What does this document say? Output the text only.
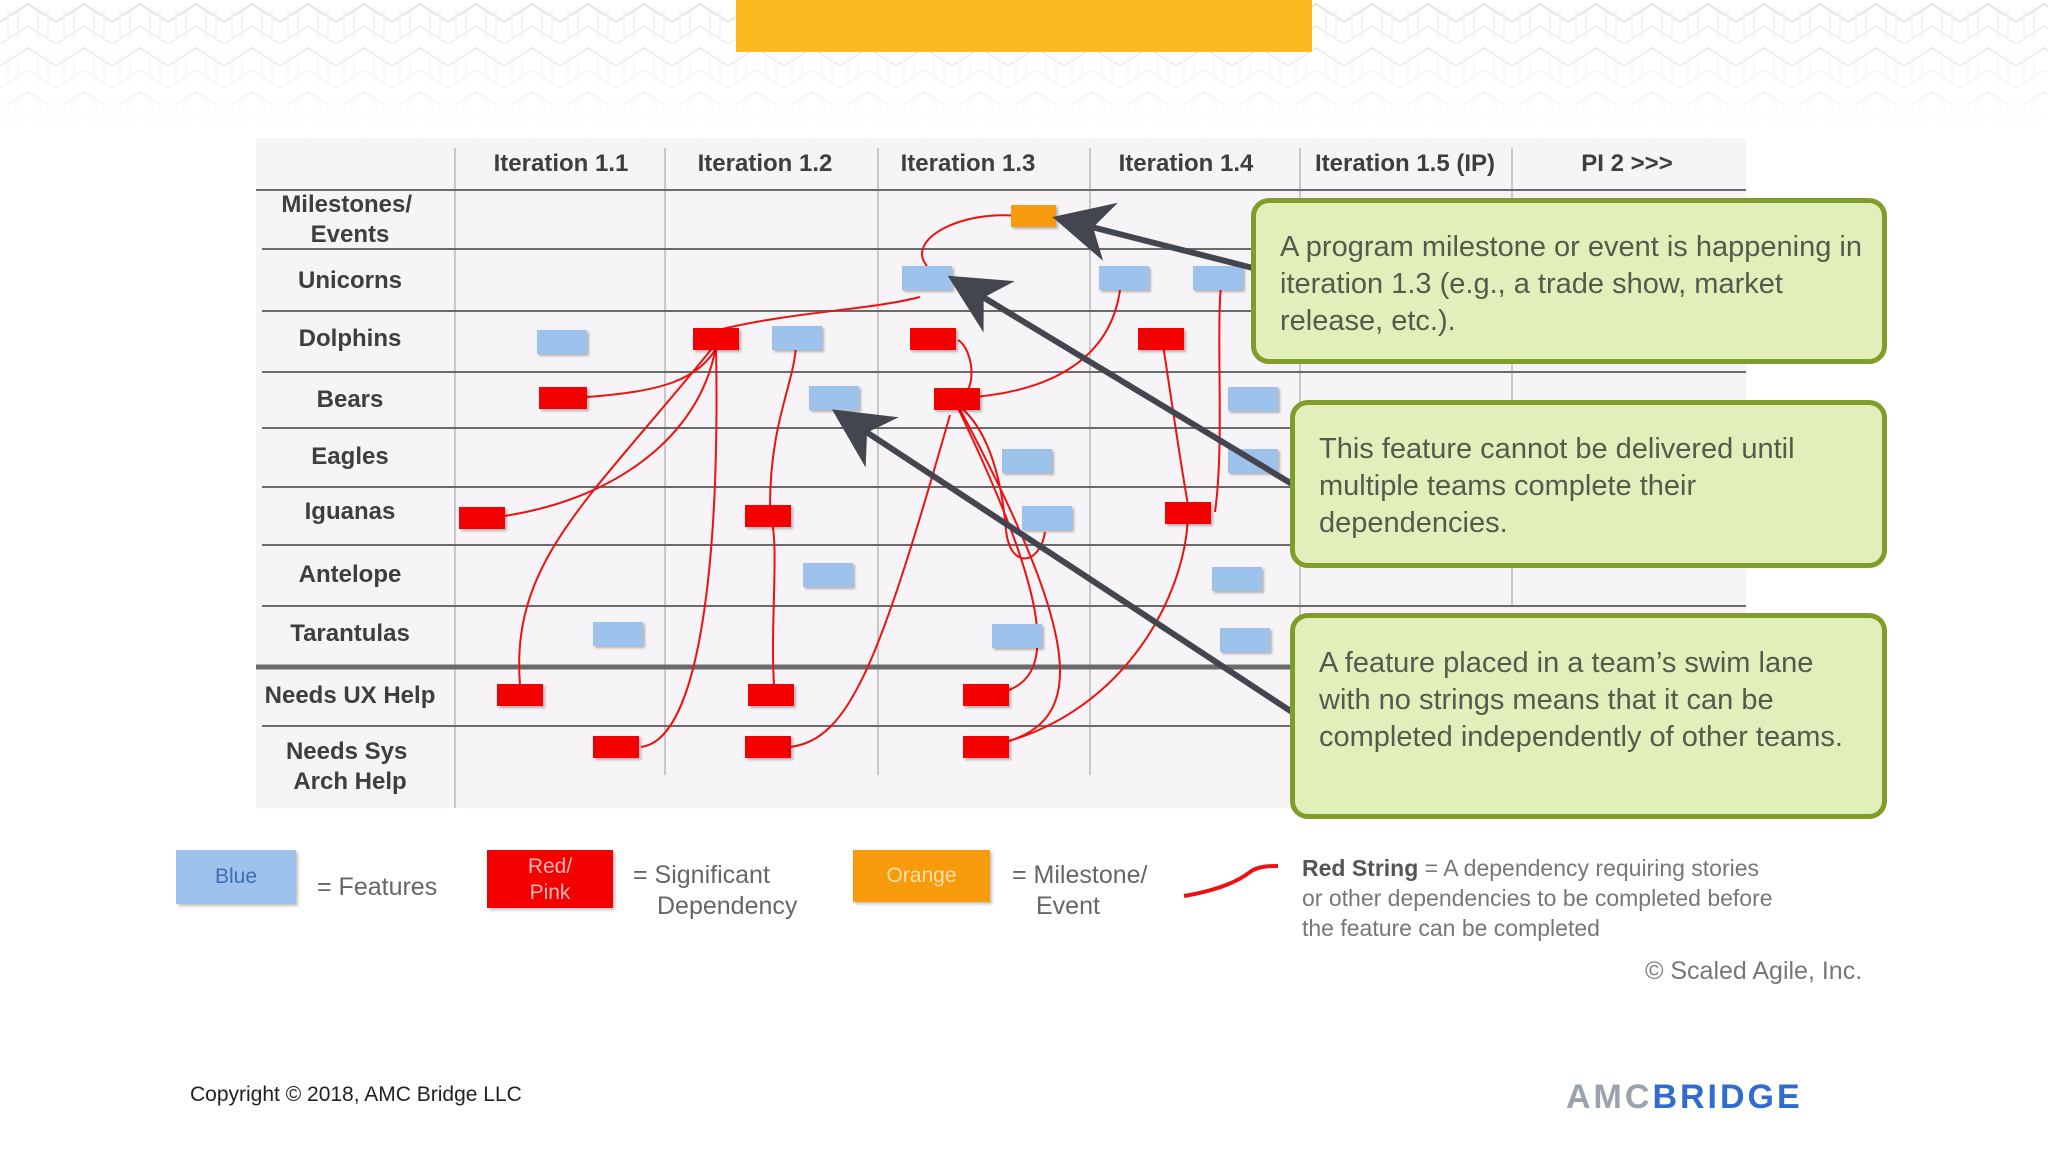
Iteration 1.1	Iteration 1.2	Iteration 1.3	Iteration 1.4	Iteration 1.5 (IP)	PI 2 >>>
Milestones/ Events
Unicorns
Dolphins
Bears
Eagles
Iguanas
Antelope
Tarantulas
Needs UX Help
Needs Sys Arch Help
A program milestone or event is happening in iteration 1.3 (e.g., a trade show, market release, etc.).
This feature cannot be delivered until multiple teams complete their dependencies.
A feature placed in a team’s swim lane with no strings means that it can be completed independently of other teams.
Blue	= Features
Red/
Pink
= Significant
Dependency
Orange	= Milestone/
Event
Red String = A dependency requiring stories
or other dependencies to be completed before
the feature can be completed
© Scaled Agile, Inc.
Copyright © 2018, AMC Bridge LLC	AMCBRIDGE
